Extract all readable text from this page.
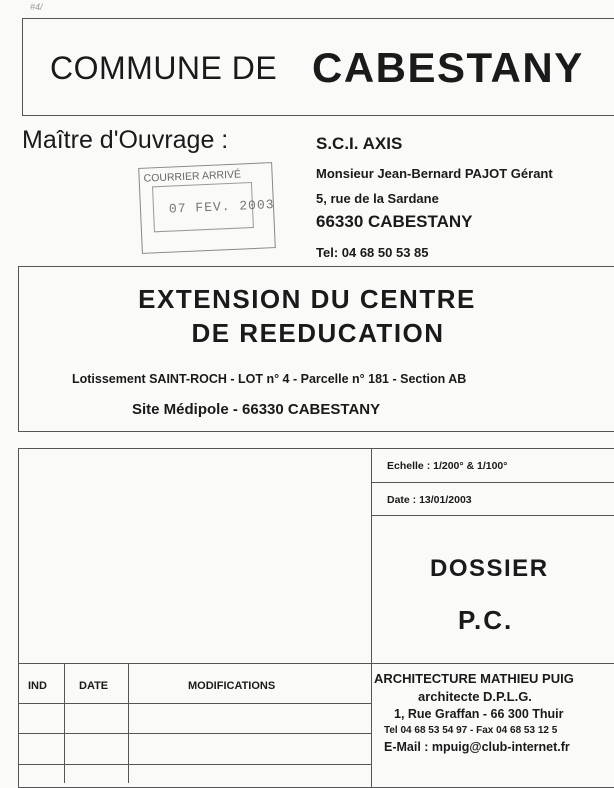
#4/
COMMUNE DE CABESTANY
Maître d'Ouvrage :	S.C.I. AXIS
Monsieur Jean-Bernard PAJOT Gérant
5, rue de la Sardane
66330 CABESTANY
Tel: 04 68 50 53 85
COURRIER ARRIVÉ
07 FEV. 2003
EXTENSION DU CENTRE
DE REEDUCATION
Lotissement SAINT-ROCH - LOT n° 4 - Parcelle n° 181 - Section AB
Site Médipole - 66330 CABESTANY
Echelle : 1/200° & 1/100°
Date : 13/01/2003
DOSSIER
P.C.
IND	DATE	MODIFICATIONS	ARCHITECTURE MATHIEU PUIG
architecte D.P.L.G.
1, Rue Graffan - 66 300 Thuir
Tel 04 68 53 54 97 - Fax 04 68 53 12 5
E-Mail : mpuig@club-internet.fr
